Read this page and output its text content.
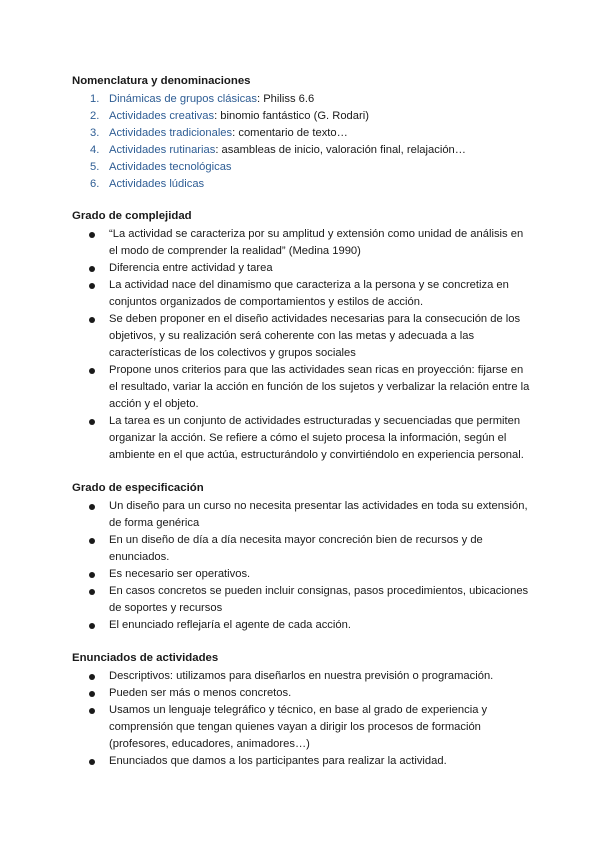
Nomenclatura y denominaciones
1. Dinámicas de grupos clásicas: Philiss 6.6
2. Actividades creativas: binomio fantástico (G. Rodari)
3. Actividades tradicionales: comentario de texto…
4. Actividades rutinarias: asambleas de inicio, valoración final, relajación…
5. Actividades tecnológicas
6. Actividades lúdicas
Grado de complejidad
“La actividad se caracteriza por su amplitud y extensión como unidad de análisis en el modo de comprender la realidad” (Medina 1990)
Diferencia entre actividad y tarea
La actividad nace del dinamismo que caracteriza a la persona y se concretiza en conjuntos organizados de comportamientos y estilos de acción.
Se deben proponer en el diseño actividades necesarias para la consecución de los objetivos, y su realización será coherente con las metas y adecuada a las características de los colectivos y grupos sociales
Propone unos criterios para que las actividades sean ricas en proyección: fijarse en el resultado, variar la acción en función de los sujetos y verbalizar la relación entre la acción y el objeto.
La tarea es un conjunto de actividades estructuradas y secuenciadas que permiten organizar la acción. Se refiere a cómo el sujeto procesa la información, según el ambiente en el que actúa, estructurándolo y convirtiéndolo en experiencia personal.
Grado de especificación
Un diseño para un curso no necesita presentar las actividades en toda su extensión, de forma genérica
En un diseño de día a día necesita mayor concreción bien de recursos y de enunciados.
Es necesario ser operativos.
En casos concretos se pueden incluir consignas, pasos procedimientos, ubicaciones de soportes y recursos
El enunciado reflejaría el agente de cada acción.
Enunciados de actividades
Descriptivos: utilizamos para diseñarlos en nuestra previsión o programación.
Pueden ser más o menos concretos.
Usamos un lenguaje telegráfico y técnico, en base al grado de experiencia y comprensión que tengan quienes vayan a dirigir los procesos de formación (profesores, educadores, animadores…)
Enunciados que damos a los participantes para realizar la actividad.
